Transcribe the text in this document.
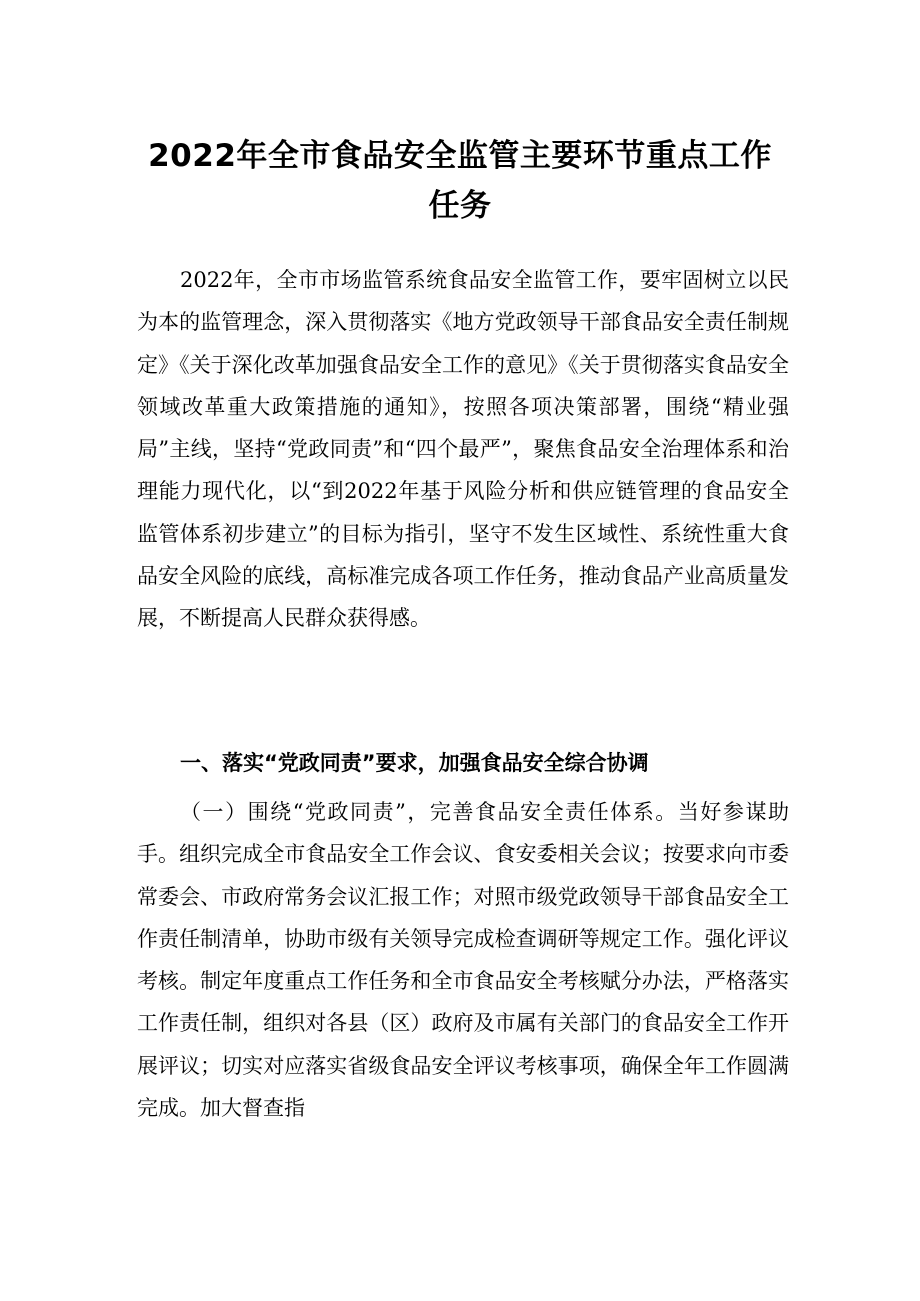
2022年全市食品安全监管主要环节重点工作
任务

2022年，全市市场监管系统食品安全监管工作，要牢固树立以民为本的监管理念，深入贯彻落实《地方党政领导干部食品安全责任制规定》《关于深化改革加强食品安全工作的意见》《关于贯彻落实食品安全领域改革重大政策措施的通知》，按照各项决策部署，围绕“精业强局”主线，坚持“党政同责”和“四个最严”，聚焦食品安全治理体系和治理能力现代化，以“到2022年基于风险分析和供应链管理的食品安全监管体系初步建立”的目标为指引，坚守不发生区域性、系统性重大食品安全风险的底线，高标准完成各项工作任务，推动食品产业高质量发展，不断提高人民群众获得感。

一、落实“党政同责”要求，加强食品安全综合协调

（一）围绕“党政同责”，完善食品安全责任体系。当好参谋助手。组织完成全市食品安全工作会议、食安委相关会议；按要求向市委常委会、市政府常务会议汇报工作；对照市级党政领导干部食品安全工作责任制清单，协助市级有关领导完成检查调研等规定工作。强化评议考核。制定年度重点工作任务和全市食品安全考核赋分办法，严格落实工作责任制，组织对各县（区）政府及市属有关部门的食品安全工作开展评议；切实对应落实省级食品安全评议考核事项，确保全年工作圆满完成。加大督查指
